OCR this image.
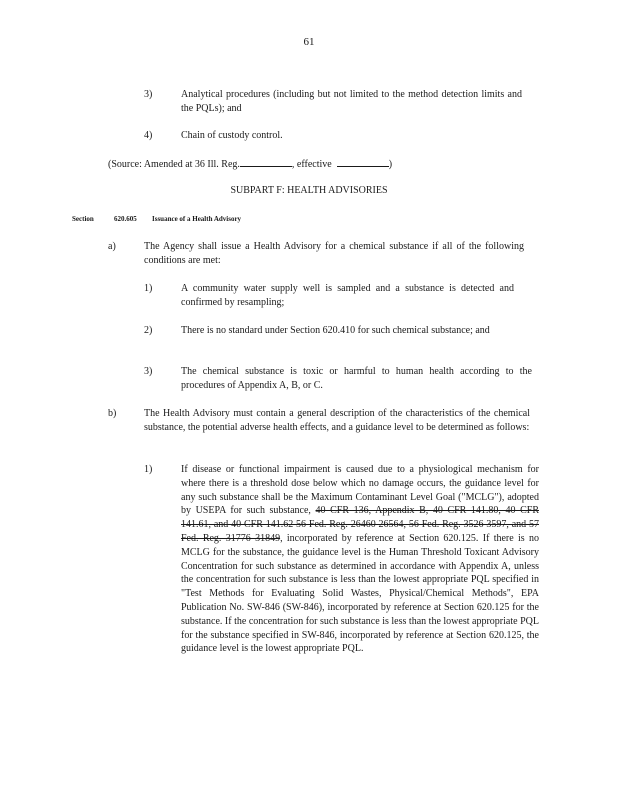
61
3)	Analytical procedures (including but not limited to the method detection limits and the PQLs); and
4)	Chain of custody control.
(Source: Amended at 36 Ill. Reg.	, effective	)
SUBPART F: HEALTH ADVISORIES
Section	620.605 Issuance of a Health Advisory
a)	The Agency shall issue a Health Advisory for a chemical substance if all of the following conditions are met:
1)	A community water supply well is sampled and a substance is detected and confirmed by resampling;
2)	There is no standard under Section 620.410 for such chemical substance; and
3)	The chemical substance is toxic or harmful to human health according to the procedures of Appendix A, B, or C.
b)	The Health Advisory must contain a general description of the characteristics of the chemical substance, the potential adverse health effects, and a guidance level to be determined as follows:
1)	If disease or functional impairment is caused due to a physiological mechanism for where there is a threshold dose below which no damage occurs, the guidance level for any such substance shall be the Maximum Contaminant Level Goal ("MCLG"), adopted by USEPA for such substance, 40 CFR 136, Appendix B, 40 CFR 141.80, 40 CFR 141.61, and 40 CFR 141.62 56 Fed. Reg. 26460 26564, 56 Fed. Reg. 3526 3597, and 57 Fed. Reg. 31776 31849, incorporated by reference at Section 620.125. If there is no MCLG for the substance, the guidance level is the Human Threshold Toxicant Advisory Concentration for such substance as determined in accordance with Appendix A, unless the concentration for such substance is less than the lowest appropriate PQL specified in "Test Methods for Evaluating Solid Wastes, Physical/Chemical Methods", EPA Publication No. SW-846 (SW-846), incorporated by reference at Section 620.125 for the substance. If the concentration for such substance is less than the lowest appropriate PQL for the substance specified in SW-846, incorporated by reference at Section 620.125, the guidance level is the lowest appropriate PQL.
